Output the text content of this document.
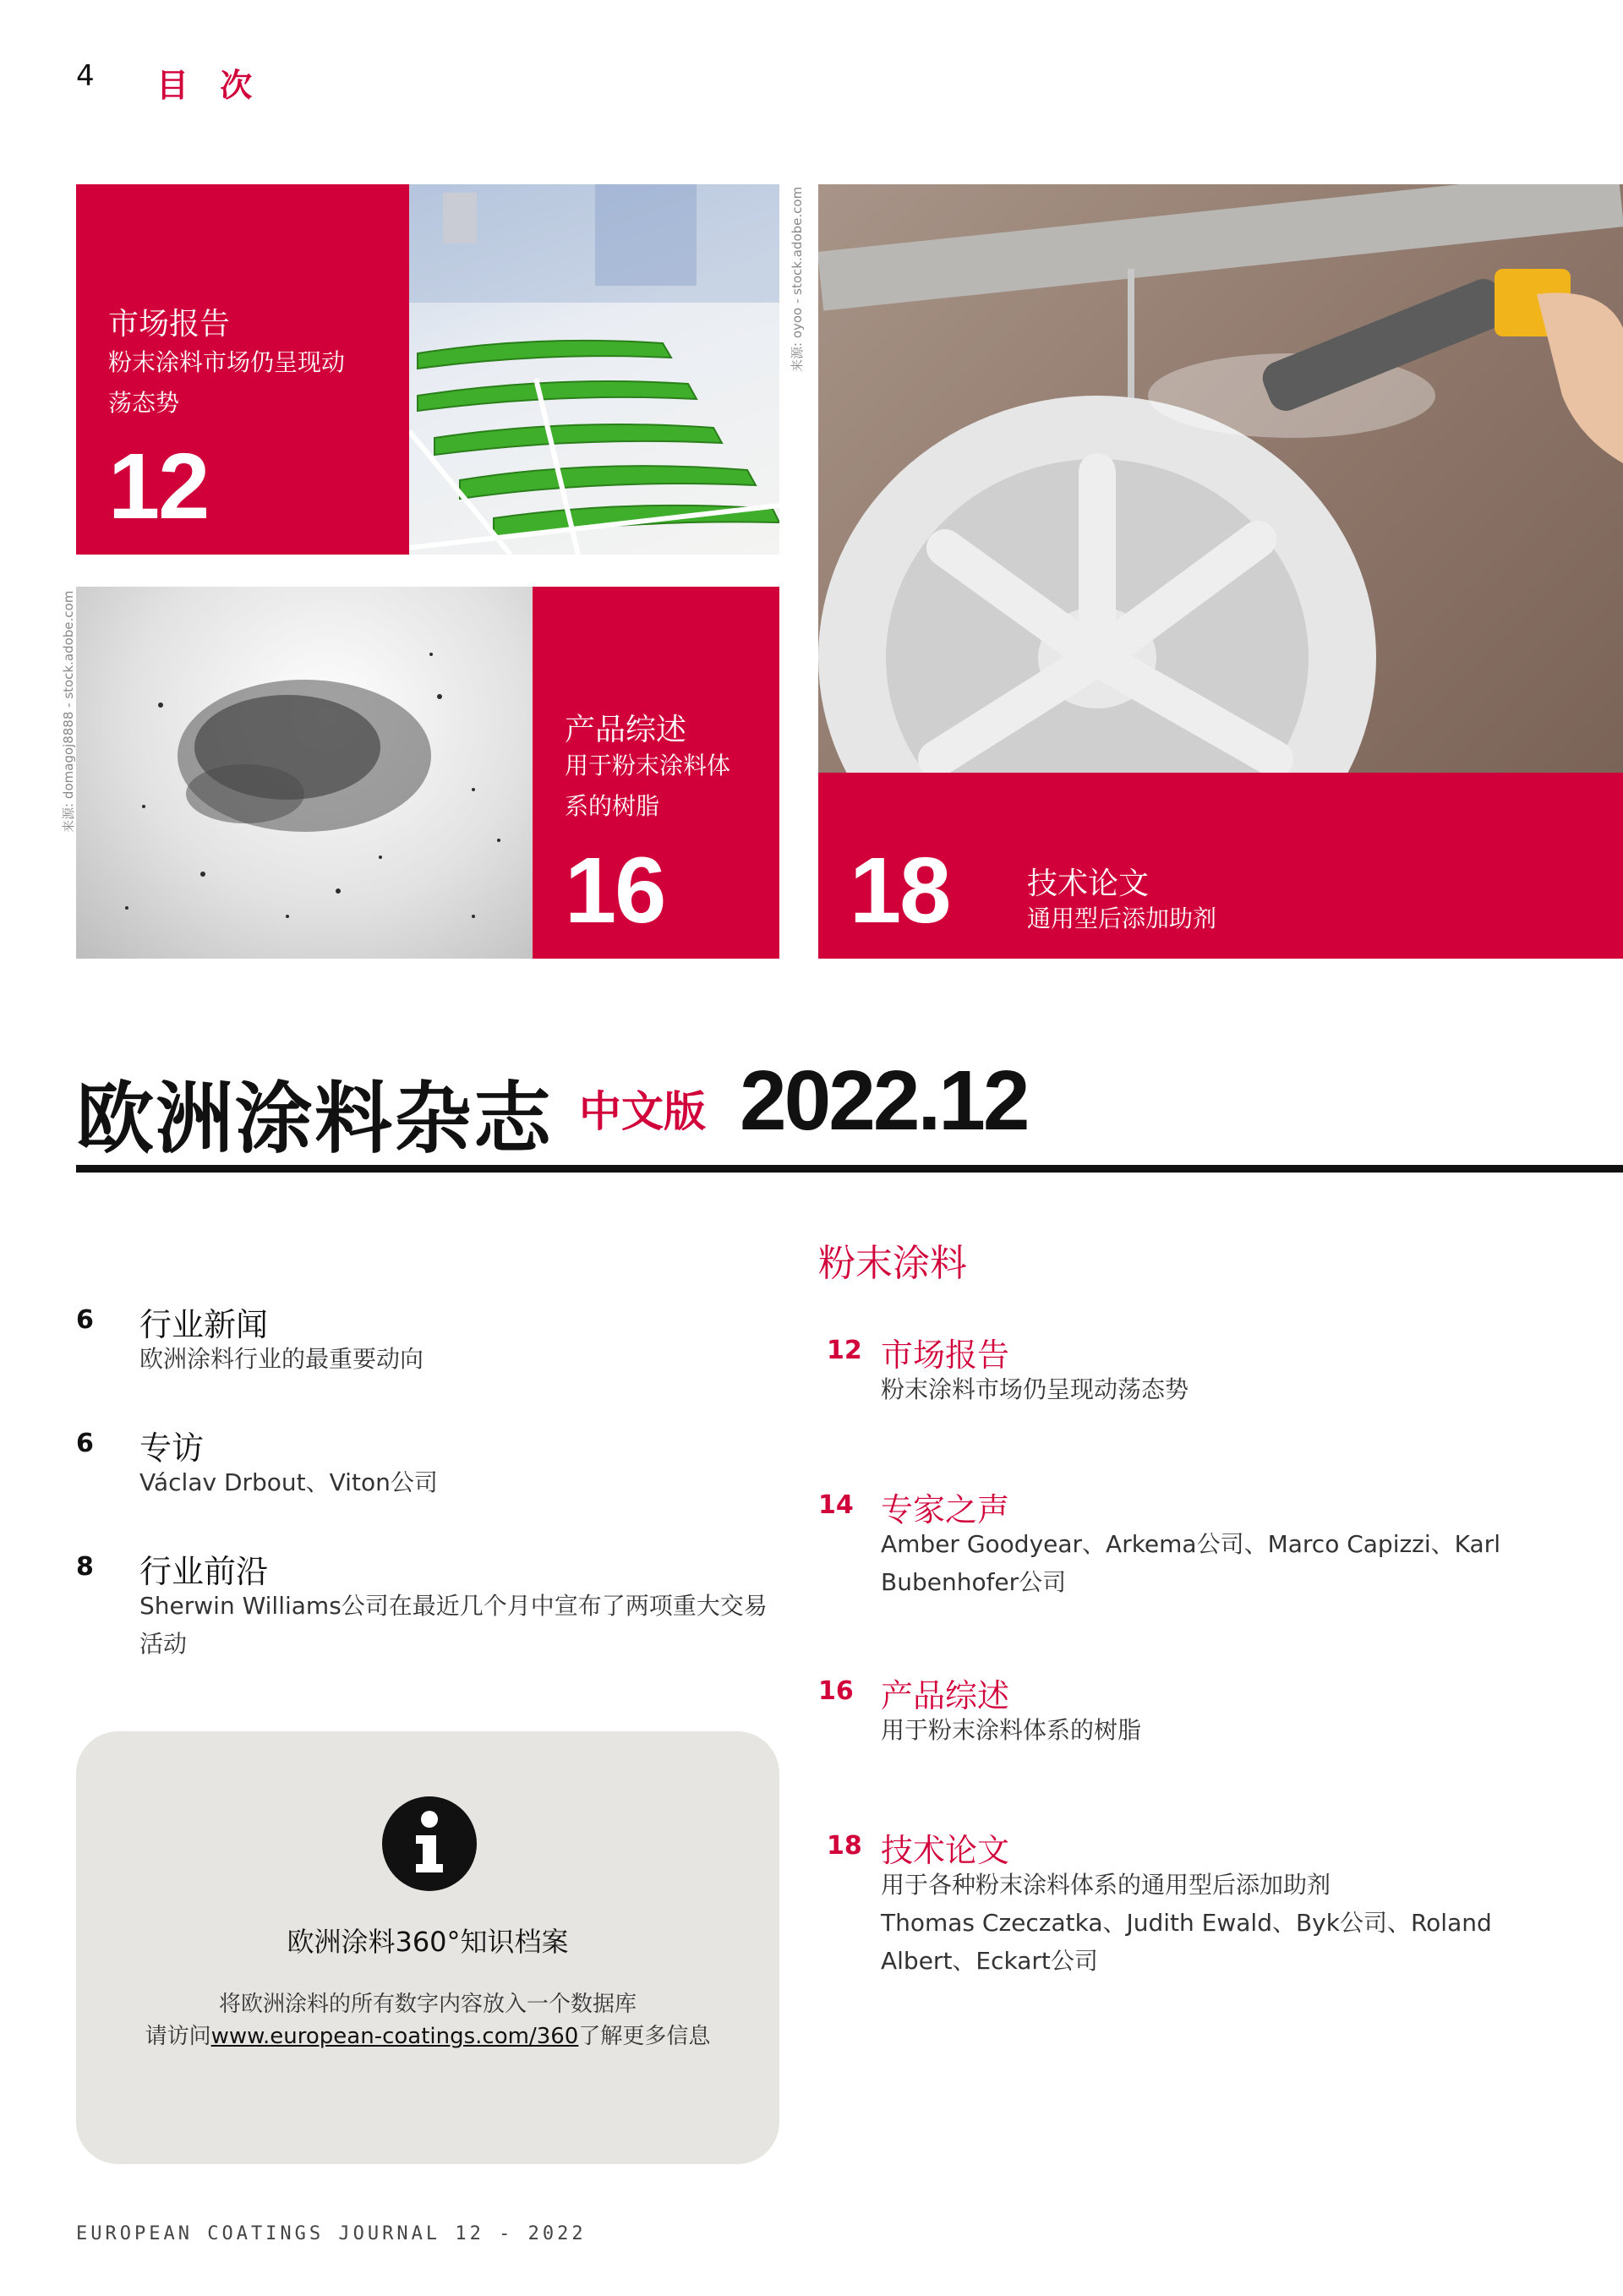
4 目 次
市场报告
粉末涂料市场仍呈现动
荡态势
12
来源: oyoo - stock.adobe.com
来源: domagoj8888 - stock.adobe.com	产品综述
用于粉末涂料体
系的树脂
16 18	技术论文
通用型后添加助剂
欧洲涂料杂志 中文版 2022.12
6 行业新闻
欧洲涂料行业的最重要动向
6 专访
Václav Drbout、Viton公司
8 行业前沿
Sherwin Williams公司在最近几个月中宣布了两项重大交易
活动
粉末涂料
12 市场报告
粉末涂料市场仍呈现动荡态势
14 专家之声
Amber Goodyear、Arkema公司、Marco Capizzi、Karl
Bubenhofer公司
16 产品综述
用于粉末涂料体系的树脂
18 技术论文
用于各种粉末涂料体系的通用型后添加助剂
Thomas Czeczatka、Judith Ewald、Byk公司、Roland
Albert、Eckart公司
欧洲涂料360°知识档案
将欧洲涂料的所有数字内容放入一个数据库
请访问www.european-coatings.com/360了解更多信息
EUROPEAN COATINGS JOURNAL 12 - 2022
